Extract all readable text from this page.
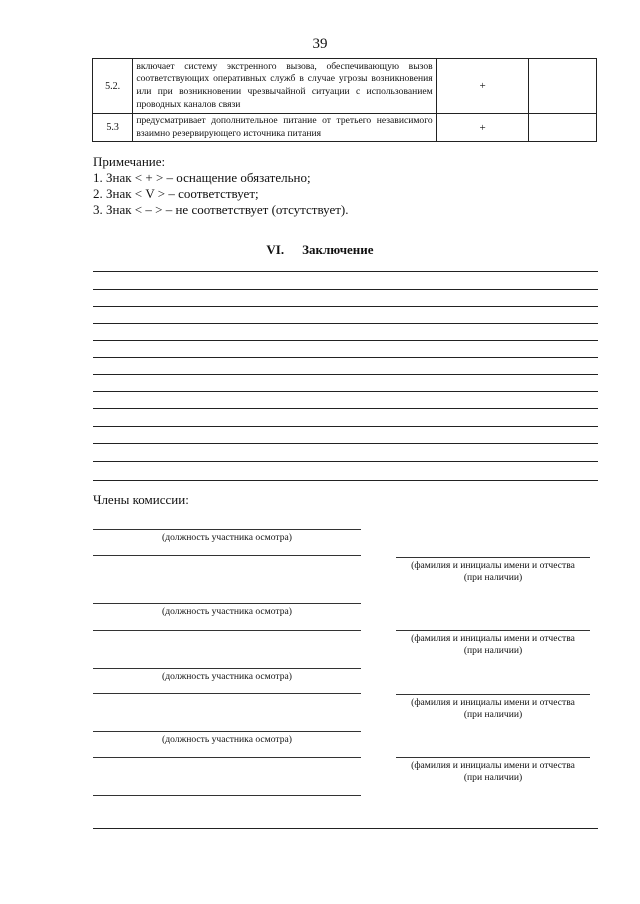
39
5.2.	включает систему экстренного вызова, обеспечивающую вызов соответствующих оперативных служб в случае угрозы возникновения или при возникновении чрезвычайной ситуации с использованием проводных каналов связи	+	
5.3	предусматривает дополнительное питание от третьего независимого взаимно резервирующего источника питания	+	
Примечание:
1. Знак < + > – оснащение обязательно;
2. Знак < V > – соответствует;
3. Знак < – > – не соответствует (отсутствует).
VI. Заключение
Члены комиссии:
(должность участника осмотра)
(фамилия и инициалы имени и отчества
(при наличии)
(должность участника осмотра)
(фамилия и инициалы имени и отчества
(при наличии)
(должность участника осмотра)
(фамилия и инициалы имени и отчества
(при наличии)
(должность участника осмотра)
(фамилия и инициалы имени и отчества
(при наличии)
